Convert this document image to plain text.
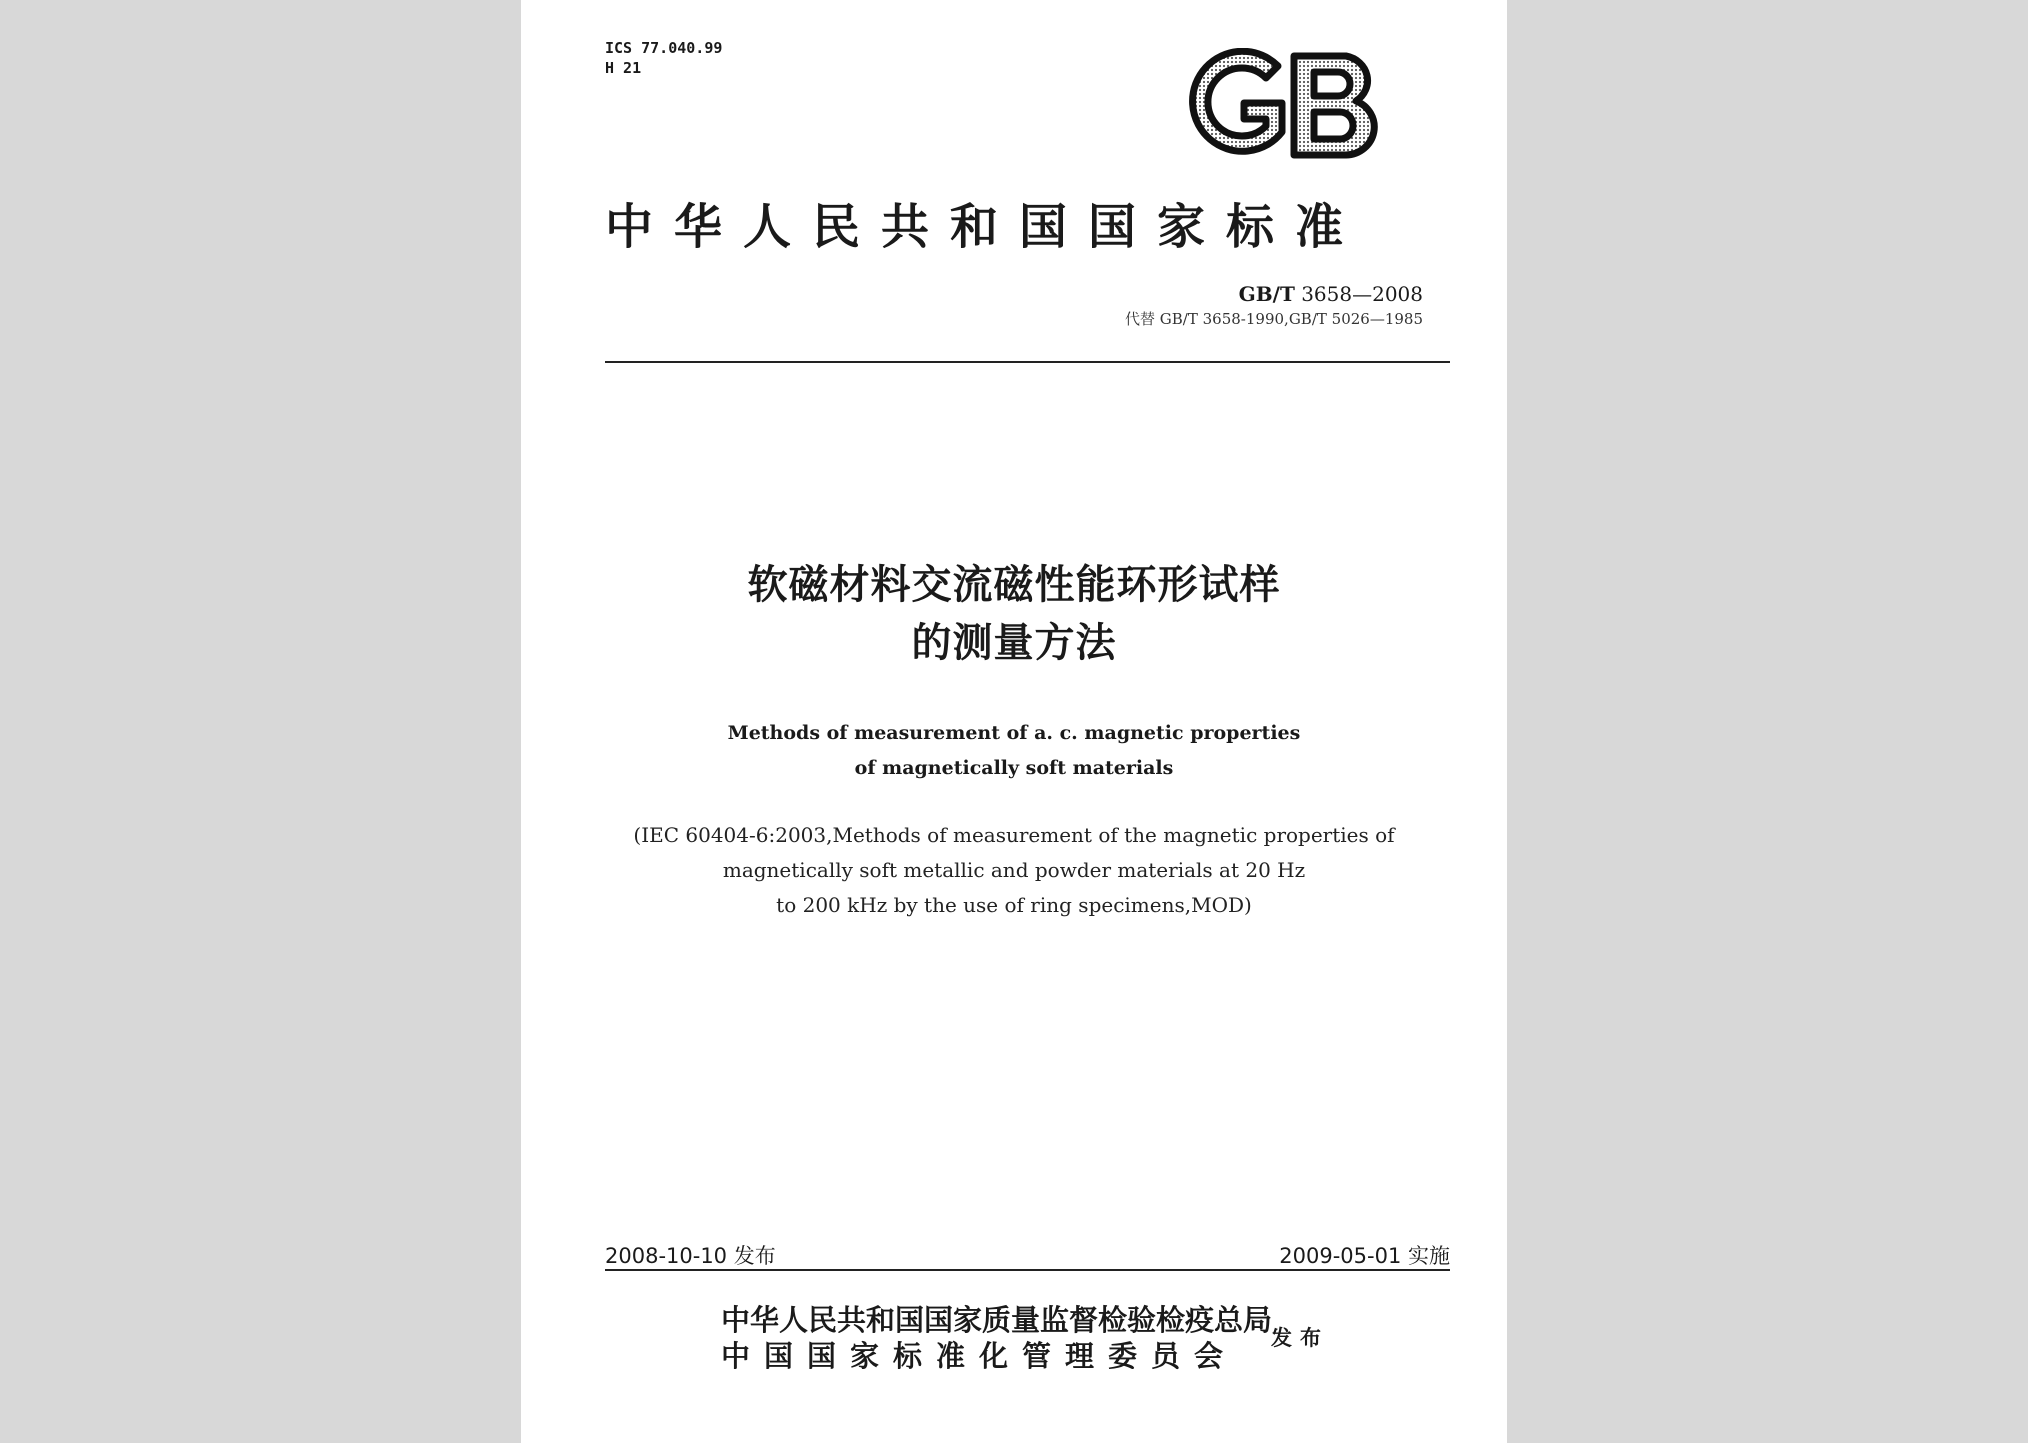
ICS 77.040.99
H 21
中华人民共和国国家标准
GB/T 3658—2008
代替 GB/T 3658-1990,GB/T 5026—1985
软磁材料交流磁性能环形试样
的测量方法
Methods of measurement of a. c. magnetic properties
of magnetically soft materials
(IEC 60404-6:2003,Methods of measurement of the magnetic properties of
magnetically soft metallic and powder materials at 20 Hz
to 200 kHz by the use of ring specimens,MOD)
2008-10-10 发布	2009-05-01 实施
中华人民共和国国家质量监督检验检疫总局
中国国家标准化管理委员会
发布
